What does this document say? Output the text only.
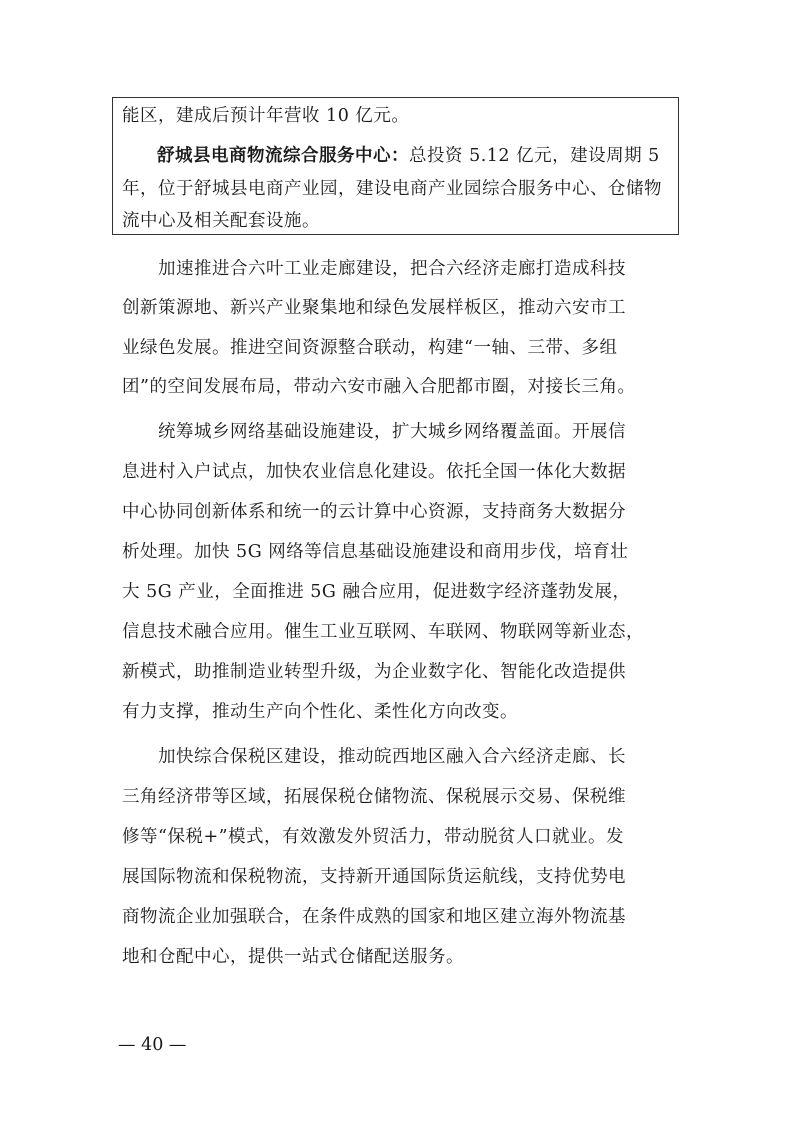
能区，建成后预计年营收 10 亿元。
舒城县电商物流综合服务中心：总投资 5.12 亿元，建设周期 5
年，位于舒城县电商产业园，建设电商产业园综合服务中心、仓储物
流中心及相关配套设施。
加速推进合六叶工业走廊建设，把合六经济走廊打造成科技
创新策源地、新兴产业聚集地和绿色发展样板区，推动六安市工
业绿色发展。推进空间资源整合联动，构建“一轴、三带、多组
团”的空间发展布局，带动六安市融入合肥都市圈，对接长三角。
统筹城乡网络基础设施建设，扩大城乡网络覆盖面。开展信
息进村入户试点，加快农业信息化建设。依托全国一体化大数据
中心协同创新体系和统一的云计算中心资源，支持商务大数据分
析处理。加快 5G 网络等信息基础设施建设和商用步伐，培育壮
大 5G 产业，全面推进 5G 融合应用，促进数字经济蓬勃发展，
信息技术融合应用。催生工业互联网、车联网、物联网等新业态，
新模式，助推制造业转型升级，为企业数字化、智能化改造提供
有力支撑，推动生产向个性化、柔性化方向改变。
加快综合保税区建设，推动皖西地区融入合六经济走廊、长
三角经济带等区域，拓展保税仓储物流、保税展示交易、保税维
修等“保税+”模式，有效激发外贸活力，带动脱贫人口就业。发
展国际物流和保税物流，支持新开通国际货运航线，支持优势电
商物流企业加强联合，在条件成熟的国家和地区建立海外物流基
地和仓配中心，提供一站式仓储配送服务。
— 40 —
